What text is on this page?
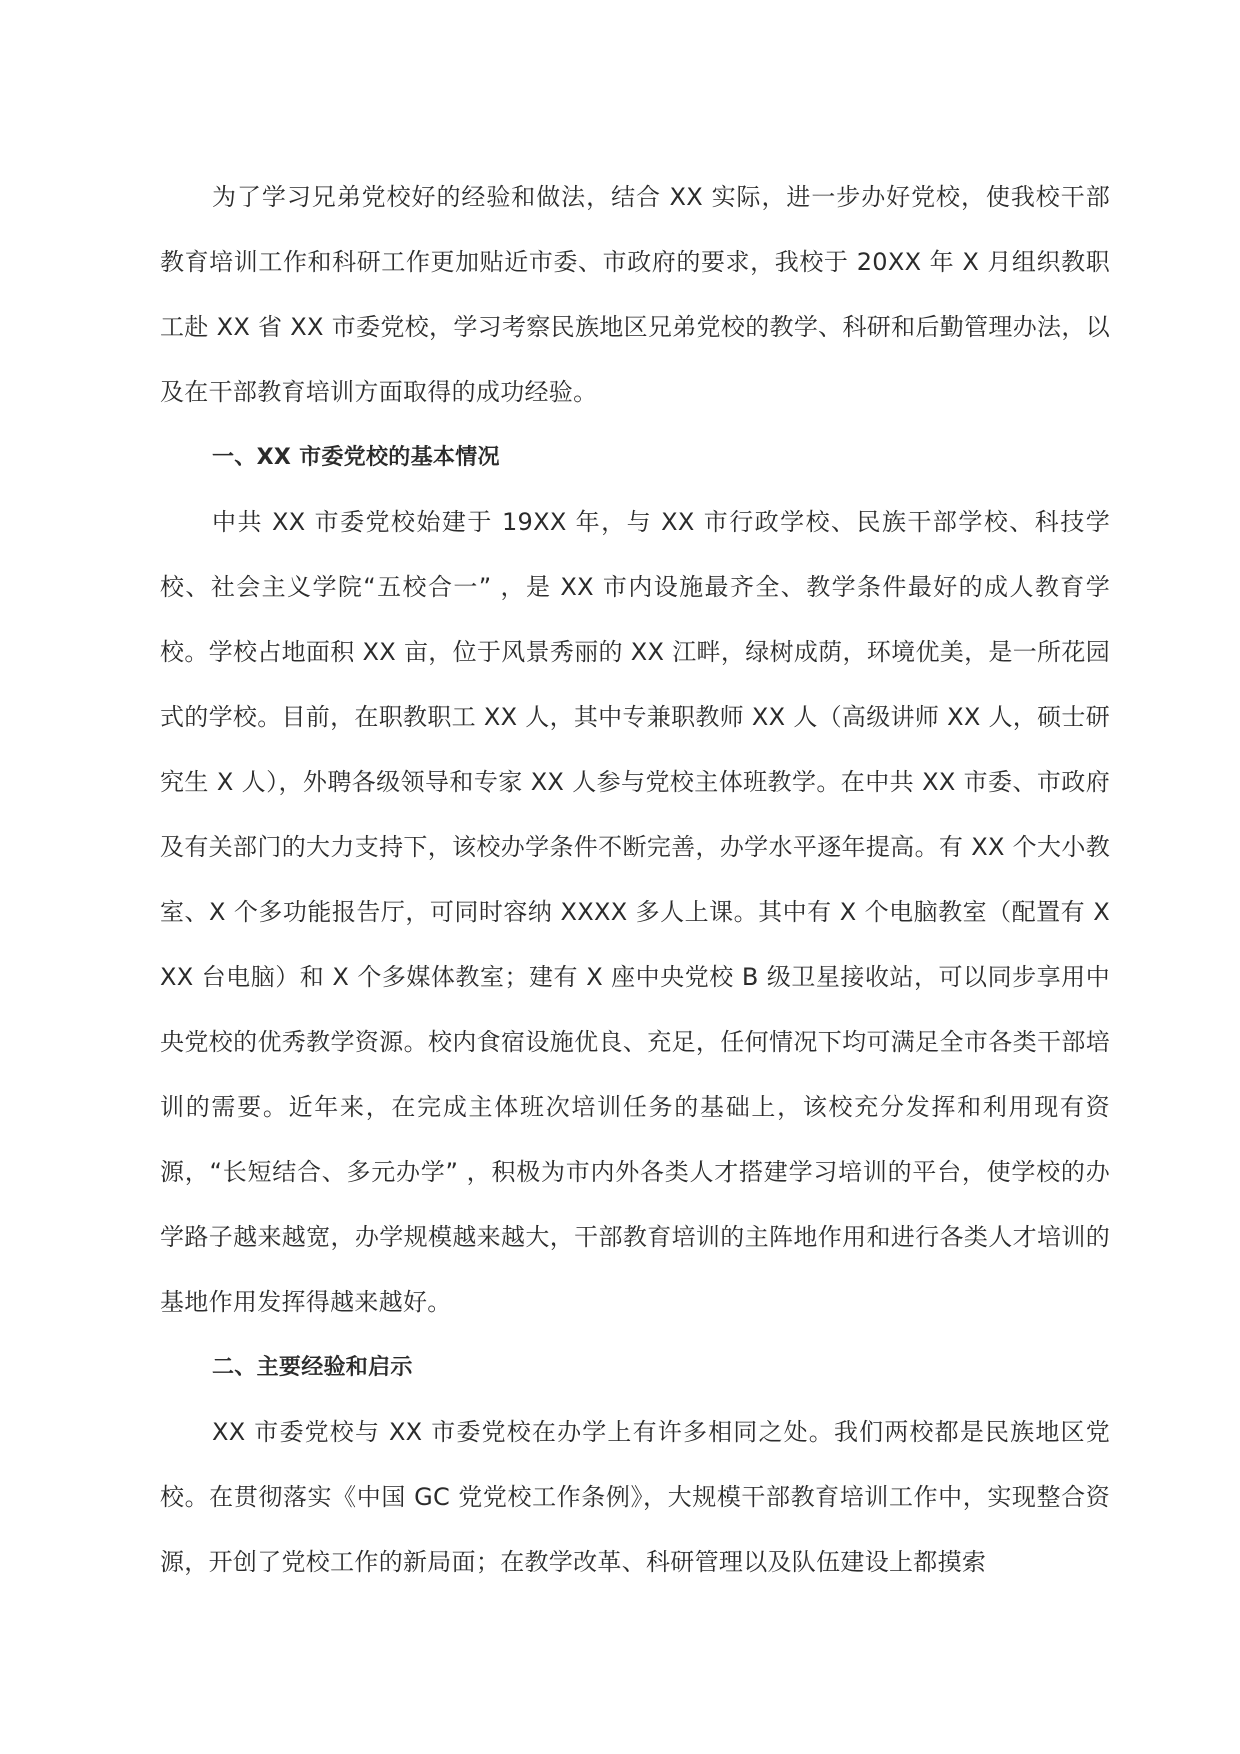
为了学习兄弟党校好的经验和做法，结合 XX 实际，进一步办好党校，使我校干部教育培训工作和科研工作更加贴近市委、市政府的要求，我校于 20XX 年 X 月组织教职工赴 XX 省 XX 市委党校，学习考察民族地区兄弟党校的教学、科研和后勤管理办法，以及在干部教育培训方面取得的成功经验。

一、XX 市委党校的基本情况

中共 XX 市委党校始建于 19XX 年，与 XX 市行政学校、民族干部学校、科技学校、社会主义学院“五校合一” ，是 XX 市内设施最齐全、教学条件最好的成人教育学校。学校占地面积 XX 亩，位于风景秀丽的 XX 江畔，绿树成荫，环境优美，是一所花园式的学校。目前，在职教职工 XX 人，其中专兼职教师 XX 人（高级讲师 XX 人，硕士研究生 X 人），外聘各级领导和专家 XX 人参与党校主体班教学。在中共 XX 市委、市政府及有关部门的大力支持下，该校办学条件不断完善，办学水平逐年提高。有 XX 个大小教室、X 个多功能报告厅，可同时容纳 XXXX 多人上课。其中有 X 个电脑教室（配置有 XXX 台电脑）和 X 个多媒体教室；建有 X 座中央党校 B 级卫星接收站，可以同步享用中央党校的优秀教学资源。校内食宿设施优良、充足，任何情况下均可满足全市各类干部培训的需要。近年来，在完成主体班次培训任务的基础上，该校充分发挥和利用现有资源，“长短结合、多元办学” ，积极为市内外各类人才搭建学习培训的平台，使学校的办学路子越来越宽，办学规模越来越大，干部教育培训的主阵地作用和进行各类人才培训的基地作用发挥得越来越好。

二、主要经验和启示

XX 市委党校与 XX 市委党校在办学上有许多相同之处。我们两校都是民族地区党校。在贯彻落实《中国 GC 党党校工作条例》，大规模干部教育培训工作中，实现整合资源，开创了党校工作的新局面；在教学改革、科研管理以及队伍建设上都摸索
